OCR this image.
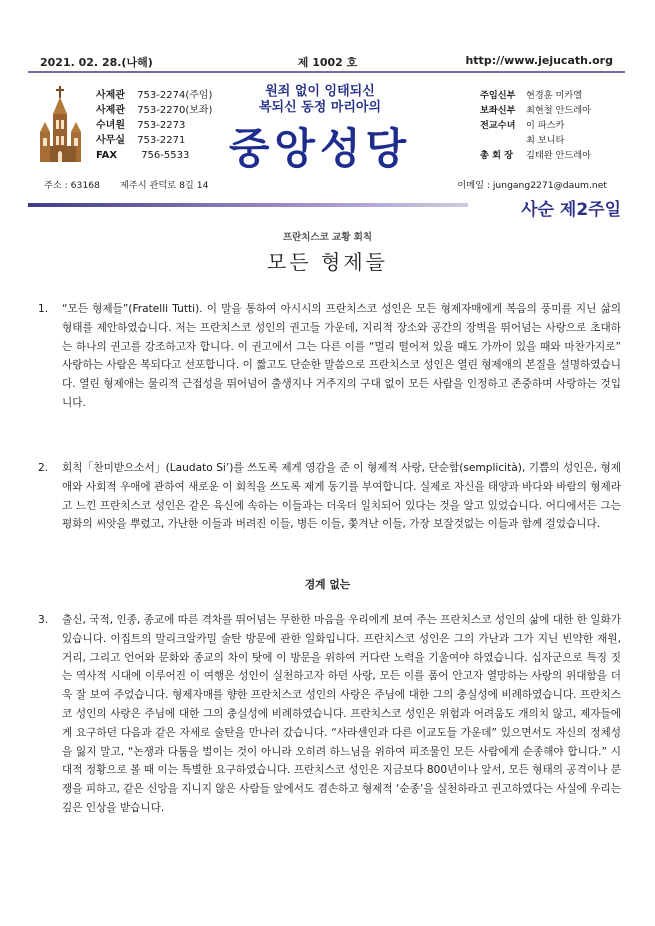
2021. 02. 28.(나해)	제 1002 호	http://www.jejucath.org
사제관 753-2274(주임)
사제관 753-2270(보좌)
수녀원 753-2273
사무실 753-2271
FAX 756-5533
원죄 없이 잉태되신
복되신 동정 마리아의
중앙성당
주임신부 현경훈 미카엘
보좌신부 최현철 안드레아
전교수녀 이 파스카
최 보니타
총 회 장 김태완 안드레아
주소 : 63168 제주시 관덕로 8길 14	이메일 : jungang2271@daum.net
사순 제2주일
프란치스코 교황 회칙
모든 형제들
1. “모든 형제들”(Fratelli Tutti). 이 말을 통하여 아시시의 프란치스코 성인은 모든 형제자매에게 복음의 풍미를 지닌 삶의 형태를 제안하였습니다. 저는 프란치스코 성인의 권고들 가운데, 지리적 장소와 공간의 장벽을 뛰어넘는 사랑으로 초대하는 하나의 권고를 강조하고자 합니다. 이 권고에서 그는 다른 이를 “멀리 떨어져 있을 때도 가까이 있을 때와 마찬가지로” 사랑하는 사람은 복되다고 선포합니다. 이 짧고도 단순한 말씀으로 프란치스코 성인은 열린 형제애의 본질을 설명하였습니다. 열린 형제애는 물리적 근접성을 뛰어넘어 출생지나 거주지의 구대 없이 모든 사람을 인정하고 존중하며 사랑하는 것입니다.
2. 회칙「찬미받으소서」(Laudato Si’)를 쓰도록 제게 영감을 준 이 형제적 사랑, 단순함(semplicità), 기쁨의 성인은, 형제애와 사회적 우애에 관하여 새로운 이 회칙을 쓰도록 제게 동기를 부여합니다. 실제로 자신을 태양과 바다와 바람의 형제라고 느낀 프란치스코 성인은 같은 육신에 속하는 이들과는 더욱더 일치되어 있다는 것을 알고 있었습니다. 어디에서든 그는 평화의 씨앗을 뿌렸고, 가난한 이들과 버려진 이들, 병든 이들, 쫓겨난 이들, 가장 보잘것없는 이들과 함께 걸었습니다.
경계 없는
3. 출신, 국적, 인종, 종교에 따른 격차를 뛰어넘는 무한한 마음을 우리에게 보여 주는 프란치스코 성인의 삶에 대한 한 일화가 있습니다. 이집트의 말리크알카밀 술탄 방문에 관한 일화입니다. 프란치스코 성인은 그의 가난과 그가 지닌 빈약한 재원, 거리, 그리고 언어와 문화와 종교의 차이 탓에 이 방문을 위하여 커다란 노력을 기울여야 하였습니다. 십자군으로 특징 짓는 역사적 시대에 이루어진 이 여행은 성인이 실천하고자 하던 사랑, 모든 이를 품어 안고자 열망하는 사랑의 위대함을 더욱 잘 보여 주었습니다. 형제자매를 향한 프란치스코 성인의 사랑은 주님에 대한 그의 충실성에 비례하였습니다. 프란치스코 성인의 사랑은 주님에 대한 그의 충실성에 비례하였습니다. 프란치스코 성인은 위험과 어려움도 개의치 않고, 제자들에게 요구하던 다음과 같은 자세로 술탄을 만나러 갔습니다. “사라센인과 다른 이교도들 가운데” 있으면서도 자신의 정체성을 잃지 말고, “논쟁과 다툼을 벌이는 것이 아니라 오히려 하느님을 위하여 피조물인 모든 사람에게 순종해야 합니다.” 시대적 정황으로 볼 때 이는 특별한 요구하였습니다. 프란치스코 성인은 지금보다 800년이나 앞서, 모든 형태의 공격이나 분쟁을 피하고, 같은 신앙을 지니지 않은 사람들 앞에서도 겸손하고 형제적 ‘순종’을 실천하라고 권고하였다는 사실에 우리는 깊은 인상을 받습니다.
